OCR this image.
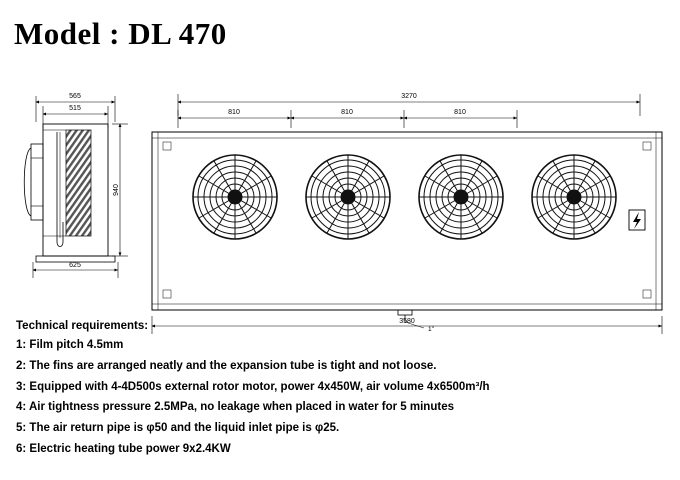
Model : DL 470
940
565
515
625
3270
810	810	810
3580
1"
Technical requirements:
1: Film pitch 4.5mm
2: The fins are arranged neatly and the expansion tube is tight and not loose.
3: Equipped with 4-4D500s external rotor motor, power 4x450W, air volume 4x6500m³/h
4: Air tightness pressure 2.5MPa, no leakage when placed in water for 5 minutes
5: The air return pipe is φ50 and the liquid inlet pipe is φ25.
6: Electric heating tube power 9x2.4KW
